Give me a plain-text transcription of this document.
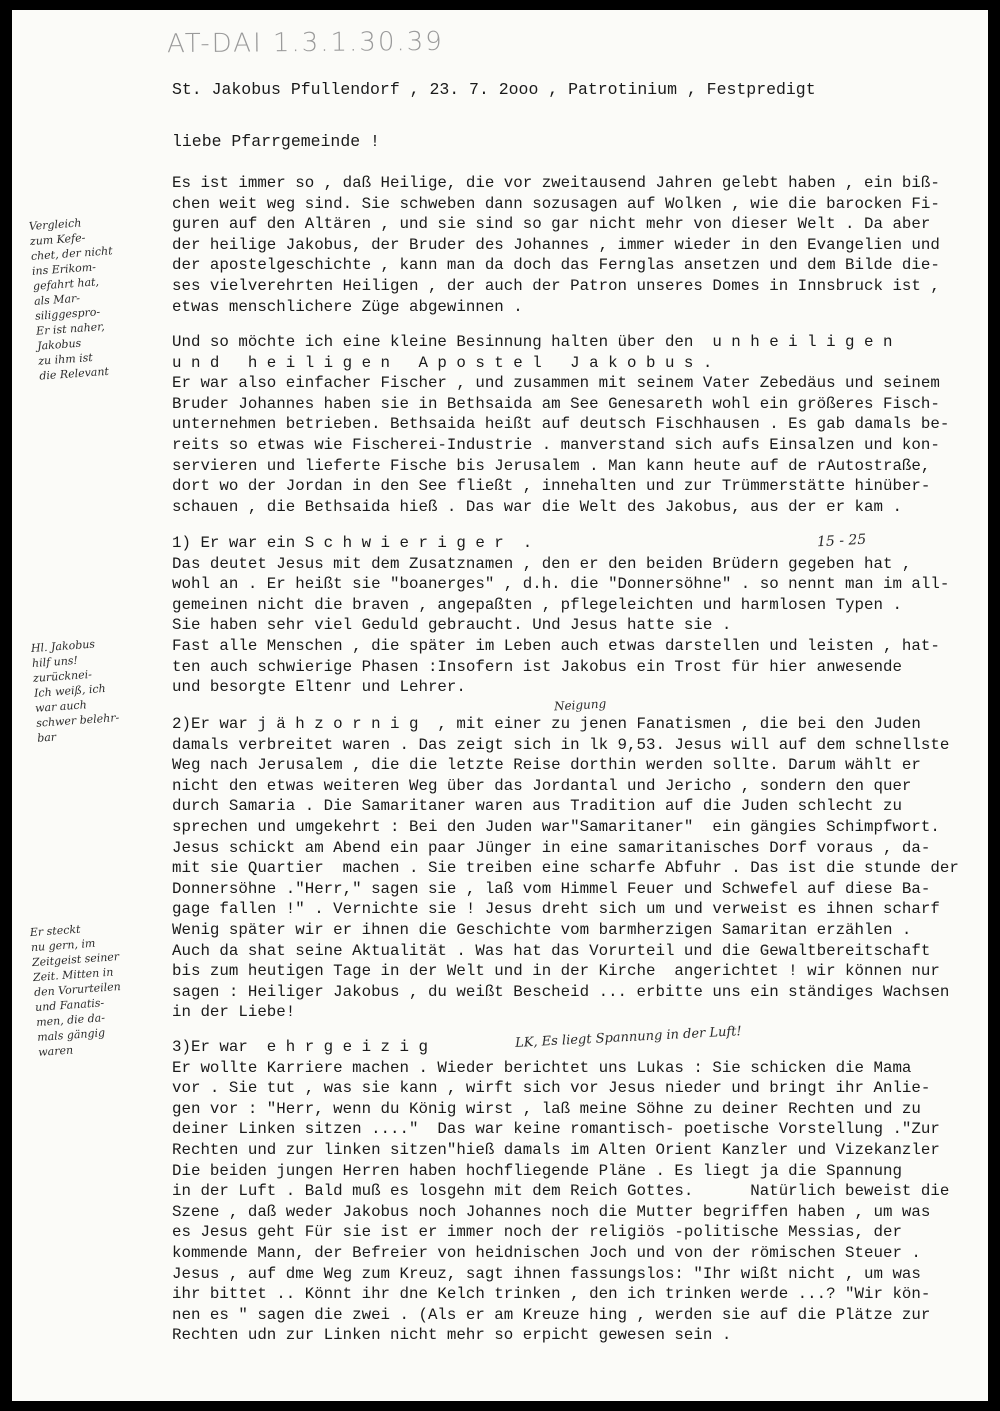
AT-DAI 1.3.1.30.39
St. Jakobus Pfullendorf , 23. 7. 2ooo , Patrotinium , Festpredigt
liebe Pfarrgemeinde !
Es ist immer so , daß Heilige, die vor zweitausend Jahren gelebt haben , ein biß-
chen weit weg sind. Sie schweben dann sozusagen auf Wolken , wie die barocken Fi-
guren auf den Altären , und sie sind so gar nicht mehr von dieser Welt . Da aber
der heilige Jakobus, der Bruder des Johannes , immer wieder in den Evangelien und
der apostelgeschichte , kann man da doch das Fernglas ansetzen und dem Bilde die-
ses vielverehrten Heiligen , der auch der Patron unseres Domes in Innsbruck ist ,
etwas menschlichere Züge abgewinnen .
Und so möchte ich eine kleine Besinnung halten über den  u n h e i l i g e n
u n d   h e i l i g e n   A p o s t e l   J a k o b u s .
Er war also einfacher Fischer , und zusammen mit seinem Vater Zebedäus und seinem
Bruder Johannes haben sie in Bethsaida am See Genesareth wohl ein größeres Fisch-
unternehmen betrieben. Bethsaida heißt auf deutsch Fischhausen . Es gab damals be-
reits so etwas wie Fischerei-Industrie . manverstand sich aufs Einsalzen und kon-
servieren und lieferte Fische bis Jerusalem . Man kann heute auf de rAutostraße,
dort wo der Jordan in den See fließt , innehalten und zur Trümmerstätte hinüber-
schauen , die Bethsaida hieß . Das war die Welt des Jakobus, aus der er kam .
1) Er war ein S c h w i e r i g e r  .
Das deutet Jesus mit dem Zusatznamen , den er den beiden Brüdern gegeben hat ,
wohl an . Er heißt sie "boanerges" , d.h. die "Donnersöhne" . so nennt man im all-
gemeinen nicht die braven , angepaßten , pflegeleichten und harmlosen Typen .
Sie haben sehr viel Geduld gebraucht. Und Jesus hatte sie .
Fast alle Menschen , die später im Leben auch etwas darstellen und leisten , hat-
ten auch schwierige Phasen :Insofern ist Jakobus ein Trost für hier anwesende
und besorgte Eltenr und Lehrer.
2)Er war j ä h z o r n i g  , mit einer zu jenen Fanatismen , die bei den Juden
damals verbreitet waren . Das zeigt sich in lk 9,53. Jesus will auf dem schnellste
Weg nach Jerusalem , die die letzte Reise dorthin werden sollte. Darum wählt er
nicht den etwas weiteren Weg über das Jordantal und Jericho , sondern den quer
durch Samaria . Die Samaritaner waren aus Tradition auf die Juden schlecht zu
sprechen und umgekehrt : Bei den Juden war"Samaritaner"  ein gängies Schimpfwort.
Jesus schickt am Abend ein paar Jünger in eine samaritanisches Dorf voraus , da-
mit sie Quartier  machen . Sie treiben eine scharfe Abfuhr . Das ist die stunde der
Donnersöhne ."Herr," sagen sie , laß vom Himmel Feuer und Schwefel auf diese Ba-
gage fallen !" . Vernichte sie ! Jesus dreht sich um und verweist es ihnen scharf
Wenig später wir er ihnen die Geschichte vom barmherzigen Samaritan erzählen .
Auch da shat seine Aktualität . Was hat das Vorurteil und die Gewaltbereitschaft
bis zum heutigen Tage in der Welt und in der Kirche  angerichtet ! wir können nur
sagen : Heiliger Jakobus , du weißt Bescheid ... erbitte uns ein ständiges Wachsen
in der Liebe!
3)Er war  e h r g e i z i g
Er wollte Karriere machen . Wieder berichtet uns Lukas : Sie schicken die Mama
vor . Sie tut , was sie kann , wirft sich vor Jesus nieder und bringt ihr Anlie-
gen vor : "Herr, wenn du König wirst , laß meine Söhne zu deiner Rechten und zu
deiner Linken sitzen ...."  Das war keine romantisch- poetische Vorstellung ."Zur
Rechten und zur linken sitzen"hieß damals im Alten Orient Kanzler und Vizekanzler
Die beiden jungen Herren haben hochfliegende Pläne . Es liegt ja die Spannung
in der Luft . Bald muß es losgehn mit dem Reich Gottes.      Natürlich beweist die
Szene , daß weder Jakobus noch Johannes noch die Mutter begriffen haben , um was
es Jesus geht Für sie ist er immer noch der religiös -politische Messias, der
kommende Mann, der Befreier von heidnischen Joch und von der römischen Steuer .
Jesus , auf dme Weg zum Kreuz, sagt ihnen fassungslos: "Ihr wißt nicht , um was
ihr bittet .. Könnt ihr dne Kelch trinken , den ich trinken werde ...? "Wir kön-
nen es " sagen die zwei . (Als er am Kreuze hing , werden sie auf die Plätze zur
Rechten udn zur Linken nicht mehr so erpicht gewesen sein .
Vergleich
zum Kefe-
chet, der nicht
ins Erikom-
gefahrt hat,
als Mar-
siliggespro-
Er ist naher,
Jakobus
zu ihm ist
die Relevant
Hl. Jakobus
hilf uns!
zurücknei-
Ich weiß, ich
war auch
schwer belehr-
bar
Er steckt
nu gern, im
Zeitgeist seiner
Zeit. Mitten in
den Vorurteilen
und Fanatis-
men, die da-
mals gängig
waren
15 - 25
Neigung
LK, Es liegt Spannung in der Luft!
